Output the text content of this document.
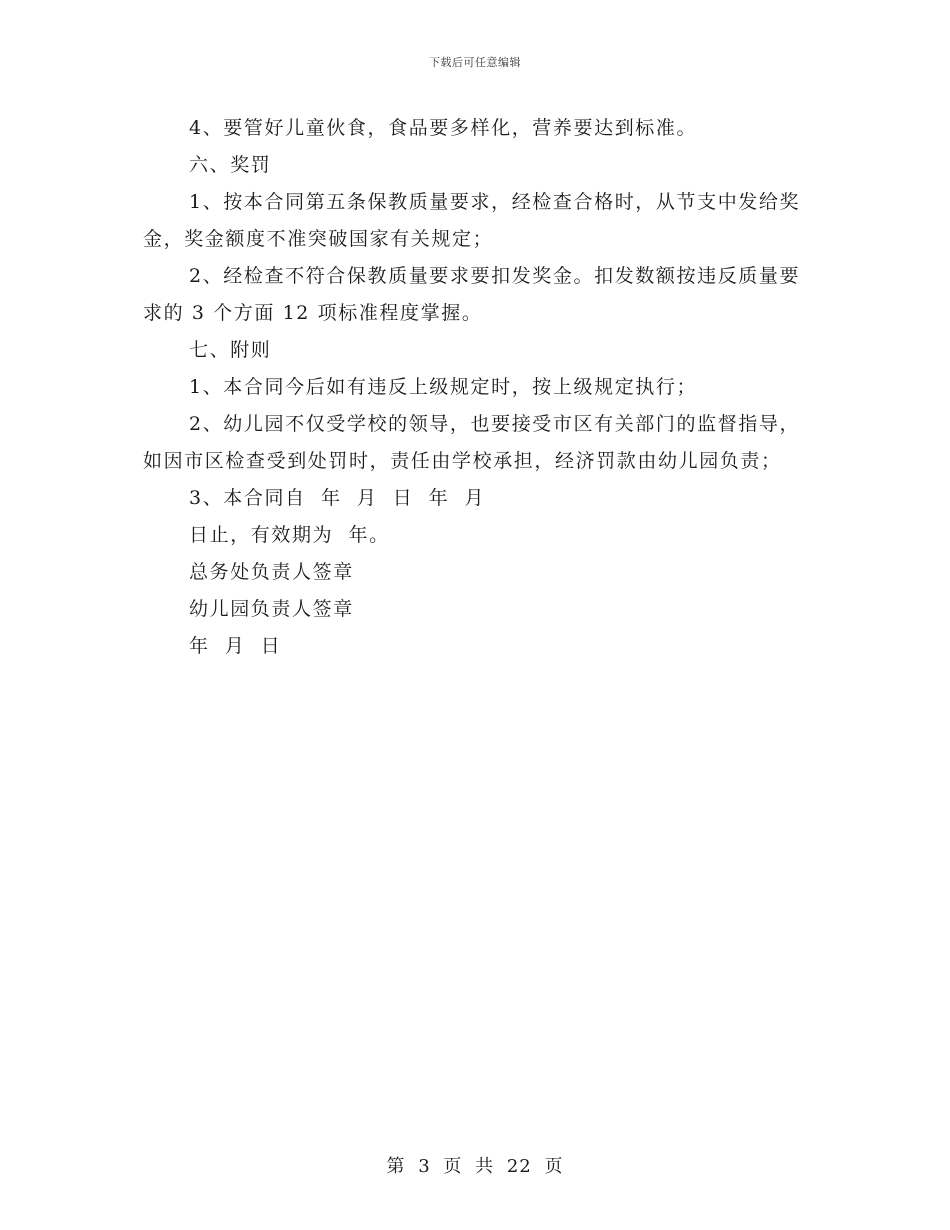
下载后可任意编辑

4、要管好儿童伙食，食品要多样化，营养要达到标准。

六、奖罚

1、按本合同第五条保教质量要求，经检查合格时，从节支中发给奖金，奖金额度不准突破国家有关规定；

2、经检查不符合保教质量要求要扣发奖金。扣发数额按违反质量要求的 3 个方面 12 项标准程度掌握。

七、附则

1、本合同今后如有违反上级规定时，按上级规定执行；

2、幼儿园不仅受学校的领导，也要接受市区有关部门的监督指导，如因市区检查受到处罚时，责任由学校承担，经济罚款由幼儿园负责；

3、本合同自  年  月  日  年  月

日止，有效期为  年。

总务处负责人签章

幼儿园负责人签章

年  月  日

第 3 页 共 22 页
